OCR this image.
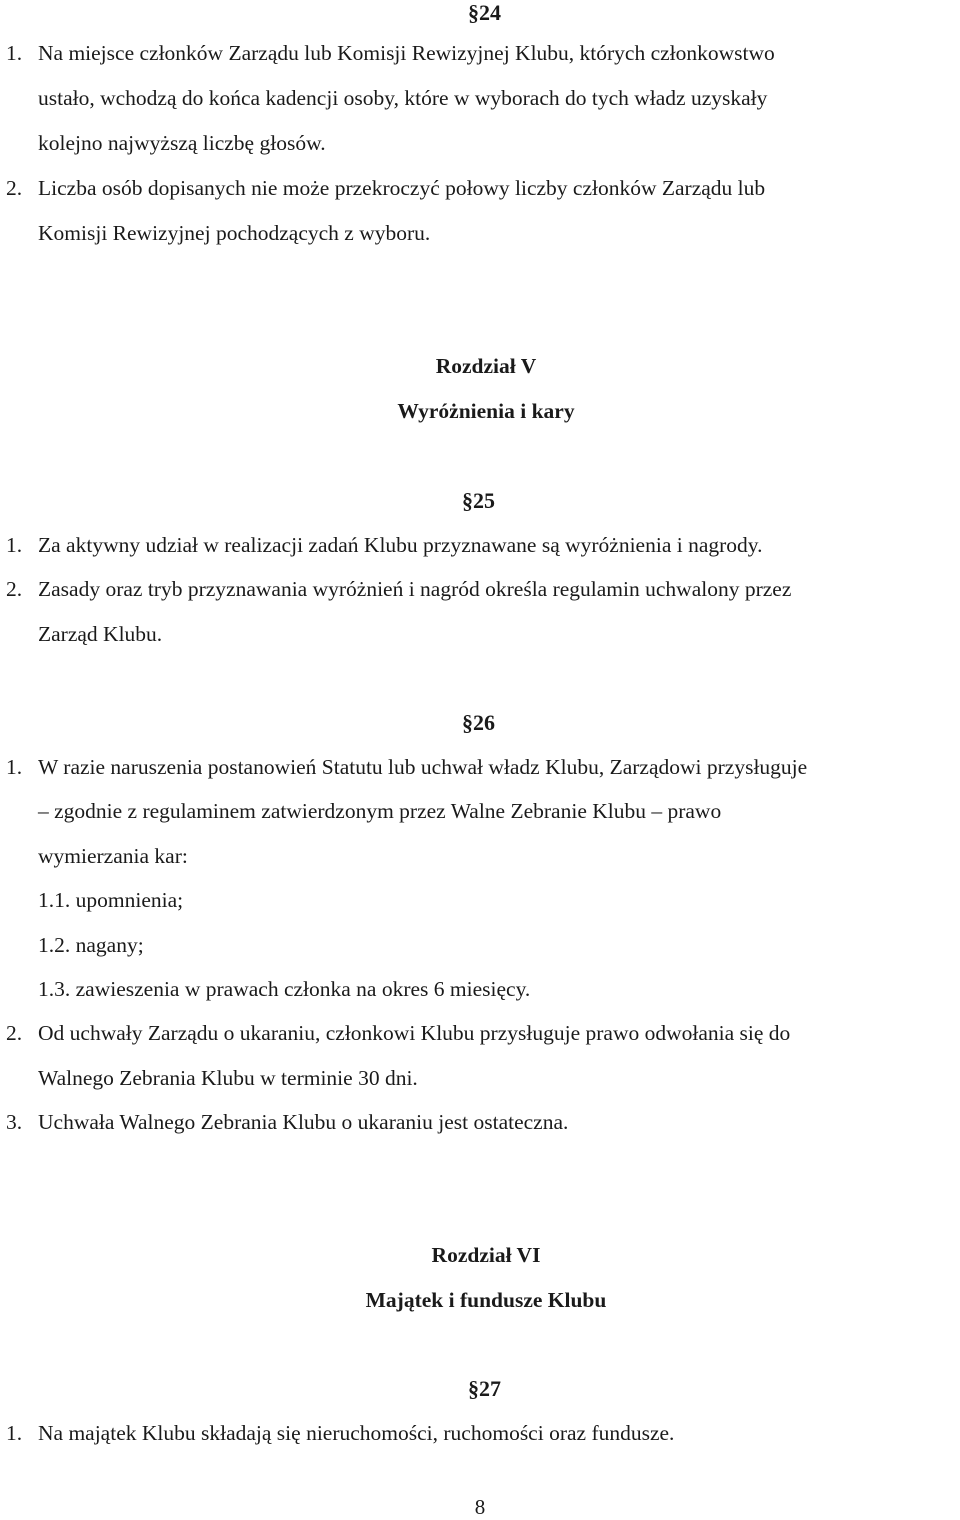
§24
1. Na miejsce członków Zarządu lub Komisji Rewizyjnej Klubu, których członkowstwo
ustało, wchodzą do końca kadencji osoby, które w wyborach do tych władz uzyskały
kolejno najwyższą liczbę głosów.
2. Liczba osób dopisanych nie może przekroczyć połowy liczby członków Zarządu lub
Komisji Rewizyjnej pochodzących z wyboru.
Rozdział V
Wyróżnienia i kary
§25
1. Za aktywny udział w realizacji zadań Klubu przyznawane są wyróżnienia i nagrody.
2. Zasady oraz tryb przyznawania wyróżnień i nagród określa regulamin uchwalony przez
Zarząd Klubu.
§26
1. W razie naruszenia postanowień Statutu lub uchwał władz Klubu, Zarządowi przysługuje
– zgodnie z regulaminem zatwierdzonym przez Walne Zebranie Klubu – prawo
wymierzania kar:
1.1. upomnienia;
1.2. nagany;
1.3. zawieszenia w prawach członka na okres 6 miesięcy.
2. Od uchwały Zarządu o ukaraniu, członkowi Klubu przysługuje prawo odwołania się do
Walnego Zebrania Klubu w terminie 30 dni.
3. Uchwała Walnego Zebrania Klubu o ukaraniu jest ostateczna.
Rozdział VI
Majątek i fundusze Klubu
§27
1. Na majątek Klubu składają się nieruchomości, ruchomości oraz fundusze.
8
